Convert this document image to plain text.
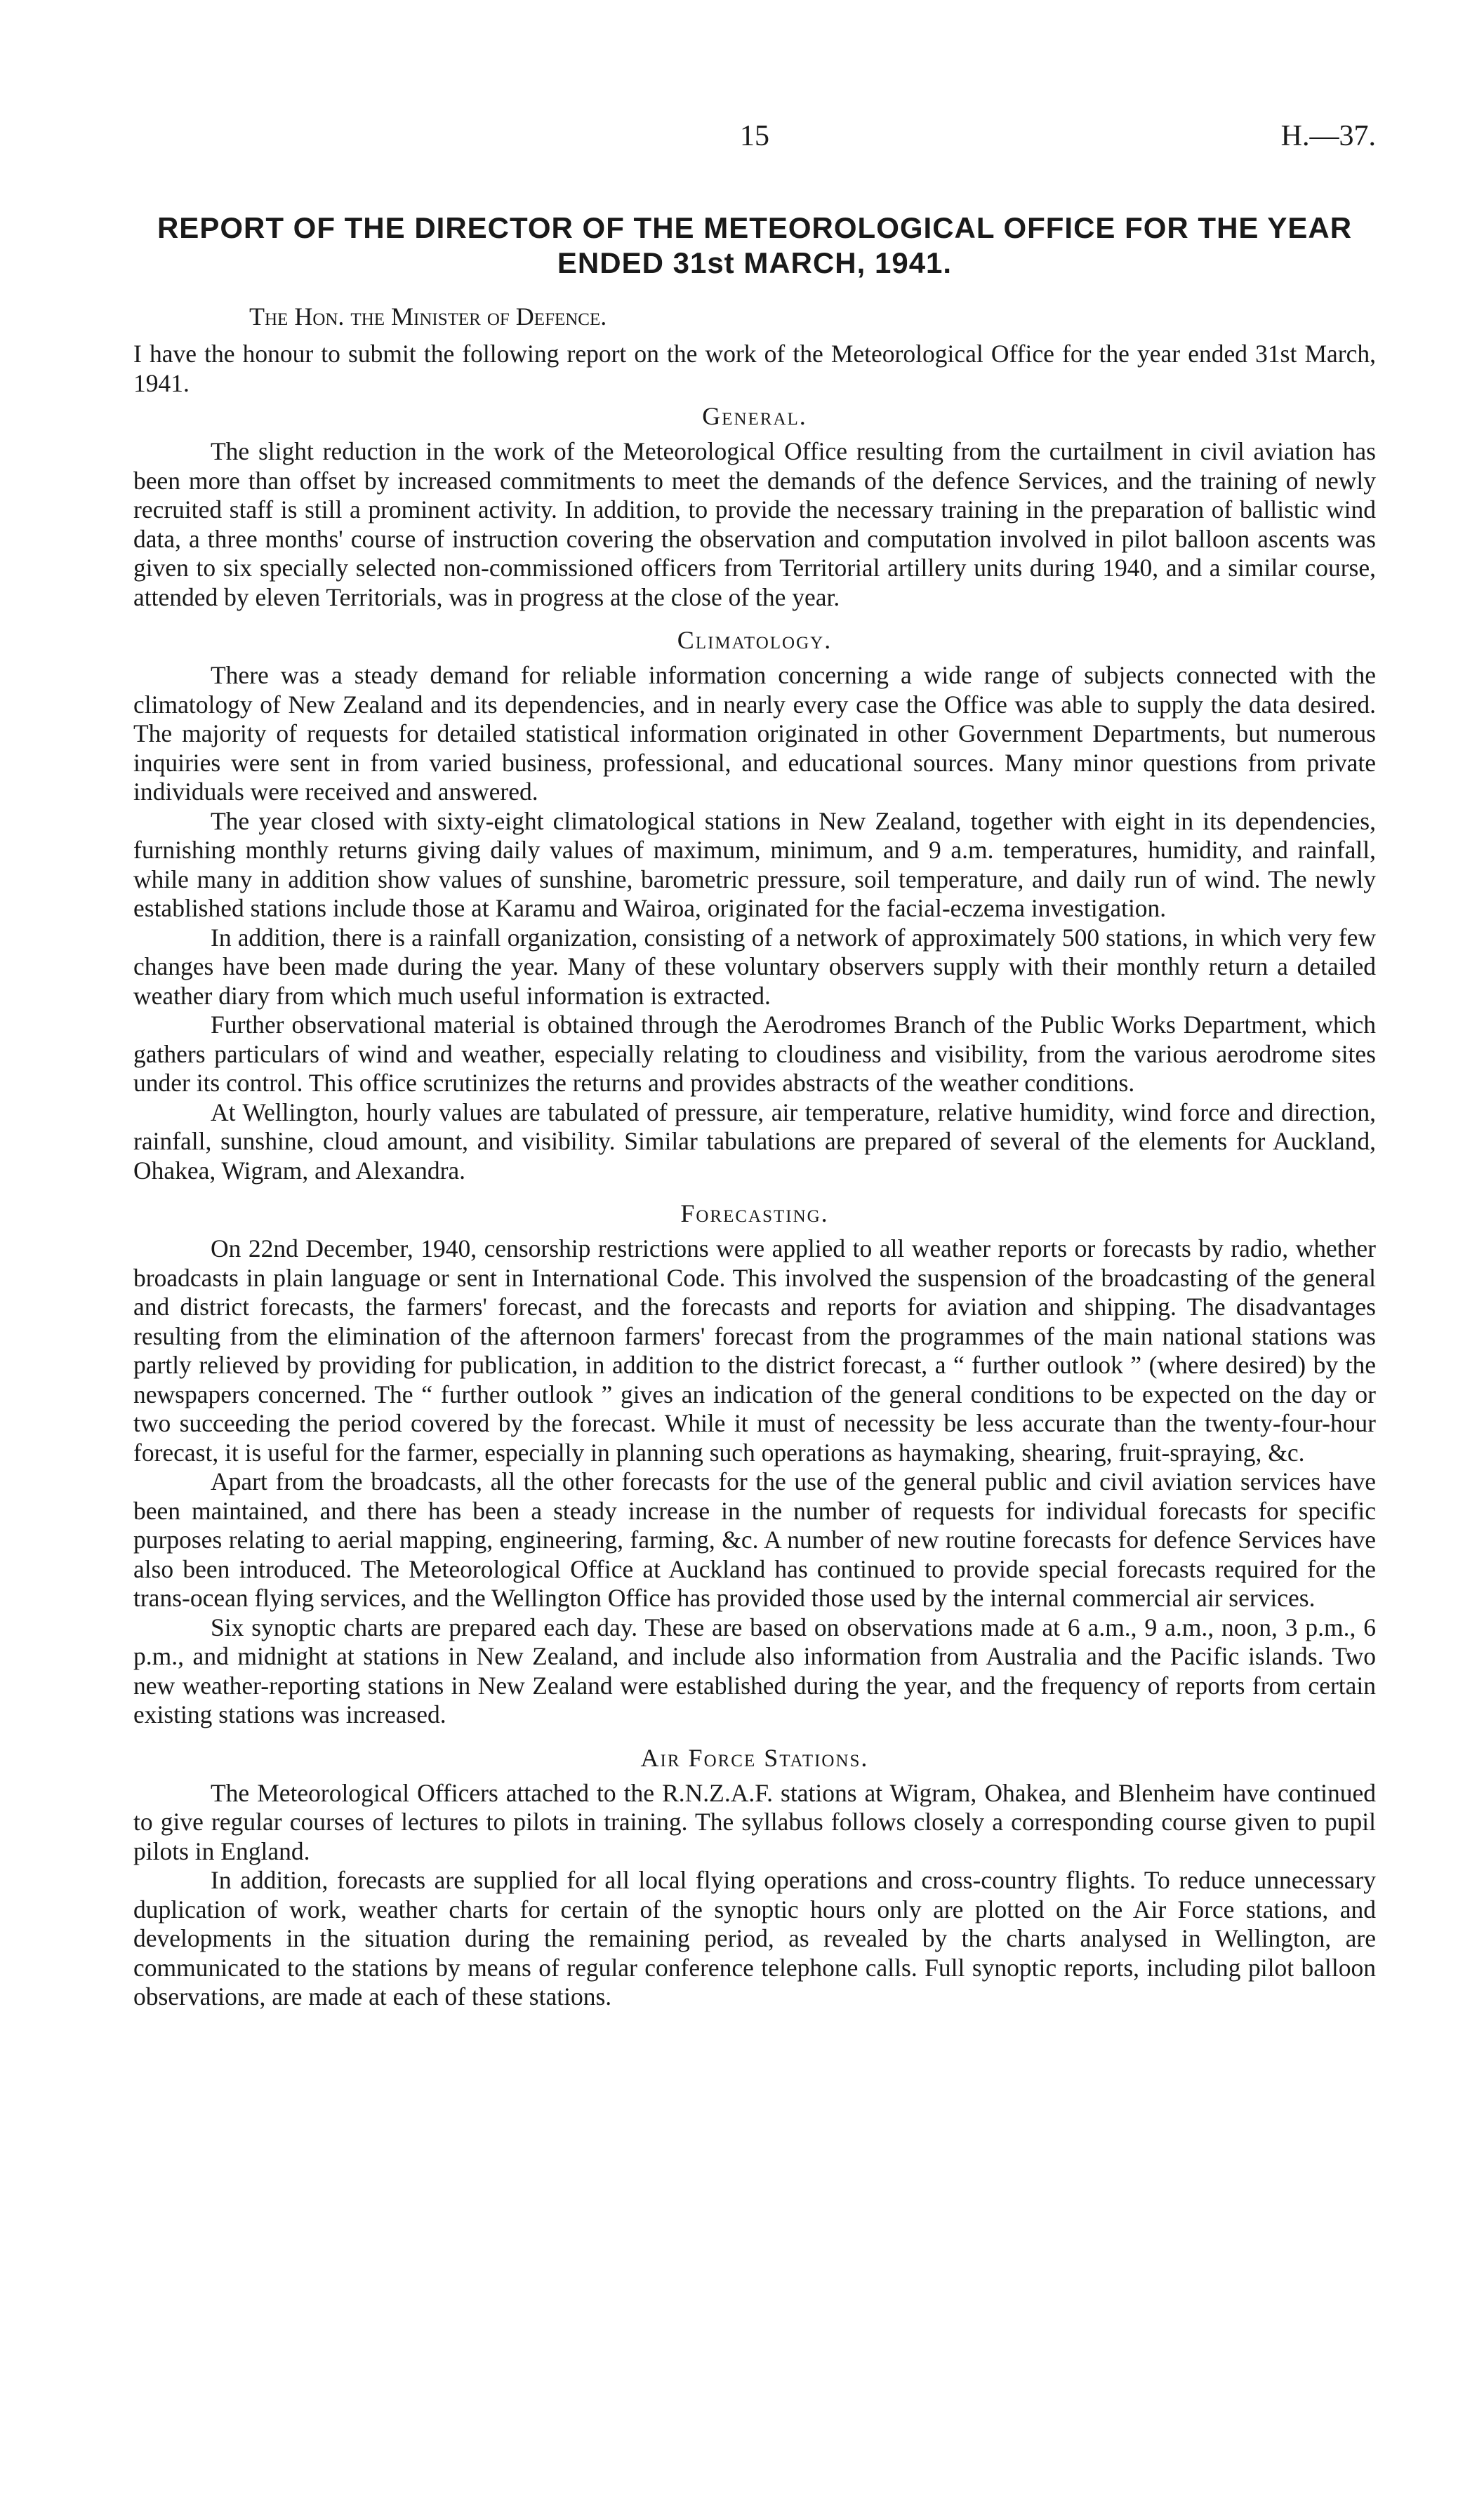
15	H.—37.
REPORT OF THE DIRECTOR OF THE METEOROLOGICAL OFFICE FOR THE YEAR ENDED 31st MARCH, 1941.
The Hon. the Minister of Defence.

I have the honour to submit the following report on the work of the Meteorological Office for the year ended 31st March, 1941.

General.

The slight reduction in the work of the Meteorological Office resulting from the curtailment in civil aviation has been more than offset by increased commitments to meet the demands of the defence Services, and the training of newly recruited staff is still a prominent activity. In addition, to provide the necessary training in the preparation of ballistic wind data, a three months' course of instruction covering the observation and computation involved in pilot balloon ascents was given to six specially selected non-commissioned officers from Territorial artillery units during 1940, and a similar course, attended by eleven Territorials, was in progress at the close of the year.

Climatology.

There was a steady demand for reliable information concerning a wide range of subjects connected with the climatology of New Zealand and its dependencies, and in nearly every case the Office was able to supply the data desired. The majority of requests for detailed statistical information originated in other Government Departments, but numerous inquiries were sent in from varied business, professional, and educational sources. Many minor questions from private individuals were received and answered.

The year closed with sixty-eight climatological stations in New Zealand, together with eight in its dependencies, furnishing monthly returns giving daily values of maximum, minimum, and 9 a.m. temperatures, humidity, and rainfall, while many in addition show values of sunshine, barometric pressure, soil temperature, and daily run of wind. The newly established stations include those at Karamu and Wairoa, originated for the facial-eczema investigation.

In addition, there is a rainfall organization, consisting of a network of approximately 500 stations, in which very few changes have been made during the year. Many of these voluntary observers supply with their monthly return a detailed weather diary from which much useful information is extracted.

Further observational material is obtained through the Aerodromes Branch of the Public Works Department, which gathers particulars of wind and weather, especially relating to cloudiness and visibility, from the various aerodrome sites under its control. This office scrutinizes the returns and provides abstracts of the weather conditions.

At Wellington, hourly values are tabulated of pressure, air temperature, relative humidity, wind force and direction, rainfall, sunshine, cloud amount, and visibility. Similar tabulations are prepared of several of the elements for Auckland, Ohakea, Wigram, and Alexandra.

Forecasting.

On 22nd December, 1940, censorship restrictions were applied to all weather reports or forecasts by radio, whether broadcasts in plain language or sent in International Code. This involved the suspension of the broadcasting of the general and district forecasts, the farmers' forecast, and the forecasts and reports for aviation and shipping. The disadvantages resulting from the elimination of the afternoon farmers' forecast from the programmes of the main national stations was partly relieved by providing for publication, in addition to the district forecast, a “ further outlook ” (where desired) by the newspapers concerned. The “ further outlook ” gives an indication of the general conditions to be expected on the day or two succeeding the period covered by the forecast. While it must of necessity be less accurate than the twenty-four-hour forecast, it is useful for the farmer, especially in planning such operations as haymaking, shearing, fruit-spraying, &c.

Apart from the broadcasts, all the other forecasts for the use of the general public and civil aviation services have been maintained, and there has been a steady increase in the number of requests for individual forecasts for specific purposes relating to aerial mapping, engineering, farming, &c. A number of new routine forecasts for defence Services have also been introduced. The Meteorological Office at Auckland has continued to provide special forecasts required for the trans-ocean flying services, and the Wellington Office has provided those used by the internal commercial air services.

Six synoptic charts are prepared each day. These are based on observations made at 6 a.m., 9 a.m., noon, 3 p.m., 6 p.m., and midnight at stations in New Zealand, and include also information from Australia and the Pacific islands. Two new weather-reporting stations in New Zealand were established during the year, and the frequency of reports from certain existing stations was increased.

Air Force Stations.

The Meteorological Officers attached to the R.N.Z.A.F. stations at Wigram, Ohakea, and Blenheim have continued to give regular courses of lectures to pilots in training. The syllabus follows closely a corresponding course given to pupil pilots in England.

In addition, forecasts are supplied for all local flying operations and cross-country flights. To reduce unnecessary duplication of work, weather charts for certain of the synoptic hours only are plotted on the Air Force stations, and developments in the situation during the remaining period, as revealed by the charts analysed in Wellington, are communicated to the stations by means of regular conference telephone calls. Full synoptic reports, including pilot balloon observations, are made at each of these stations.
